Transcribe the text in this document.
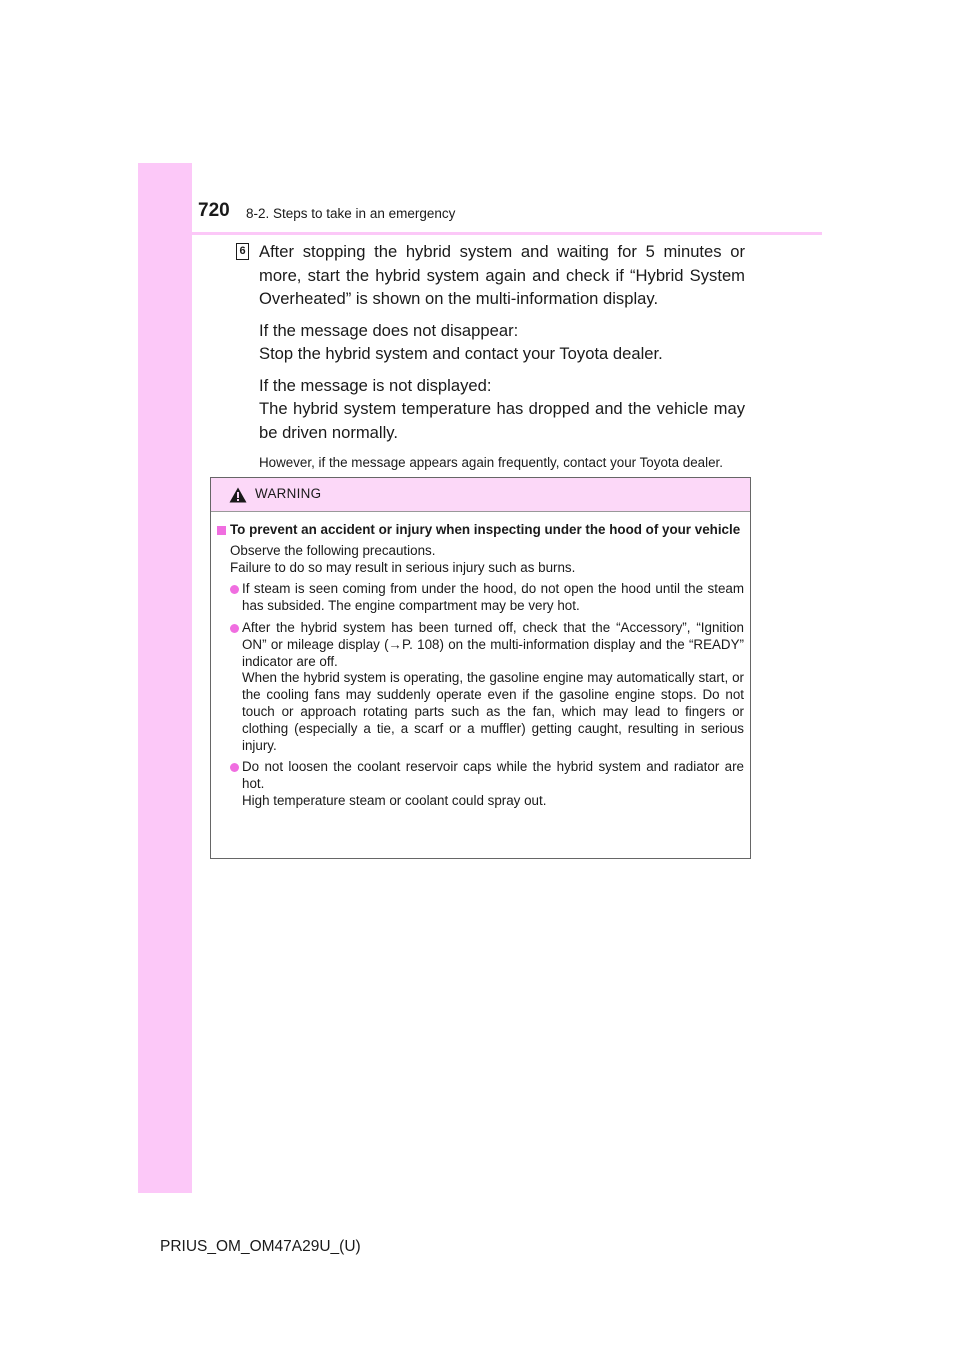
720 8-2. Steps to take in an emergency
6 After stopping the hybrid system and waiting for 5 minutes or more, start the hybrid system again and check if “Hybrid System Overheated” is shown on the multi-information display.

If the message does not disappear:

Stop the hybrid system and contact your Toyota dealer.

If the message is not displayed:

The hybrid system temperature has dropped and the vehicle may be driven normally.

However, if the message appears again frequently, contact your Toyota dealer.

WARNING
To prevent an accident or injury when inspecting under the hood of your vehicle
Observe the following precautions.
Failure to do so may result in serious injury such as burns.
If steam is seen coming from under the hood, do not open the hood until the steam has subsided. The engine compartment may be very hot.
After the hybrid system has been turned off, check that the “Accessory”, “Ignition ON” or mileage display (→P. 108) on the multi-information display and the “READY” indicator are off.
When the hybrid system is operating, the gasoline engine may automatically start, or the cooling fans may suddenly operate even if the gasoline engine stops. Do not touch or approach rotating parts such as the fan, which may lead to fingers or clothing (especially a tie, a scarf or a muffler) getting caught, resulting in serious injury.
Do not loosen the coolant reservoir caps while the hybrid system and radiator are hot.
High temperature steam or coolant could spray out.
PRIUS_OM_OM47A29U_(U)
